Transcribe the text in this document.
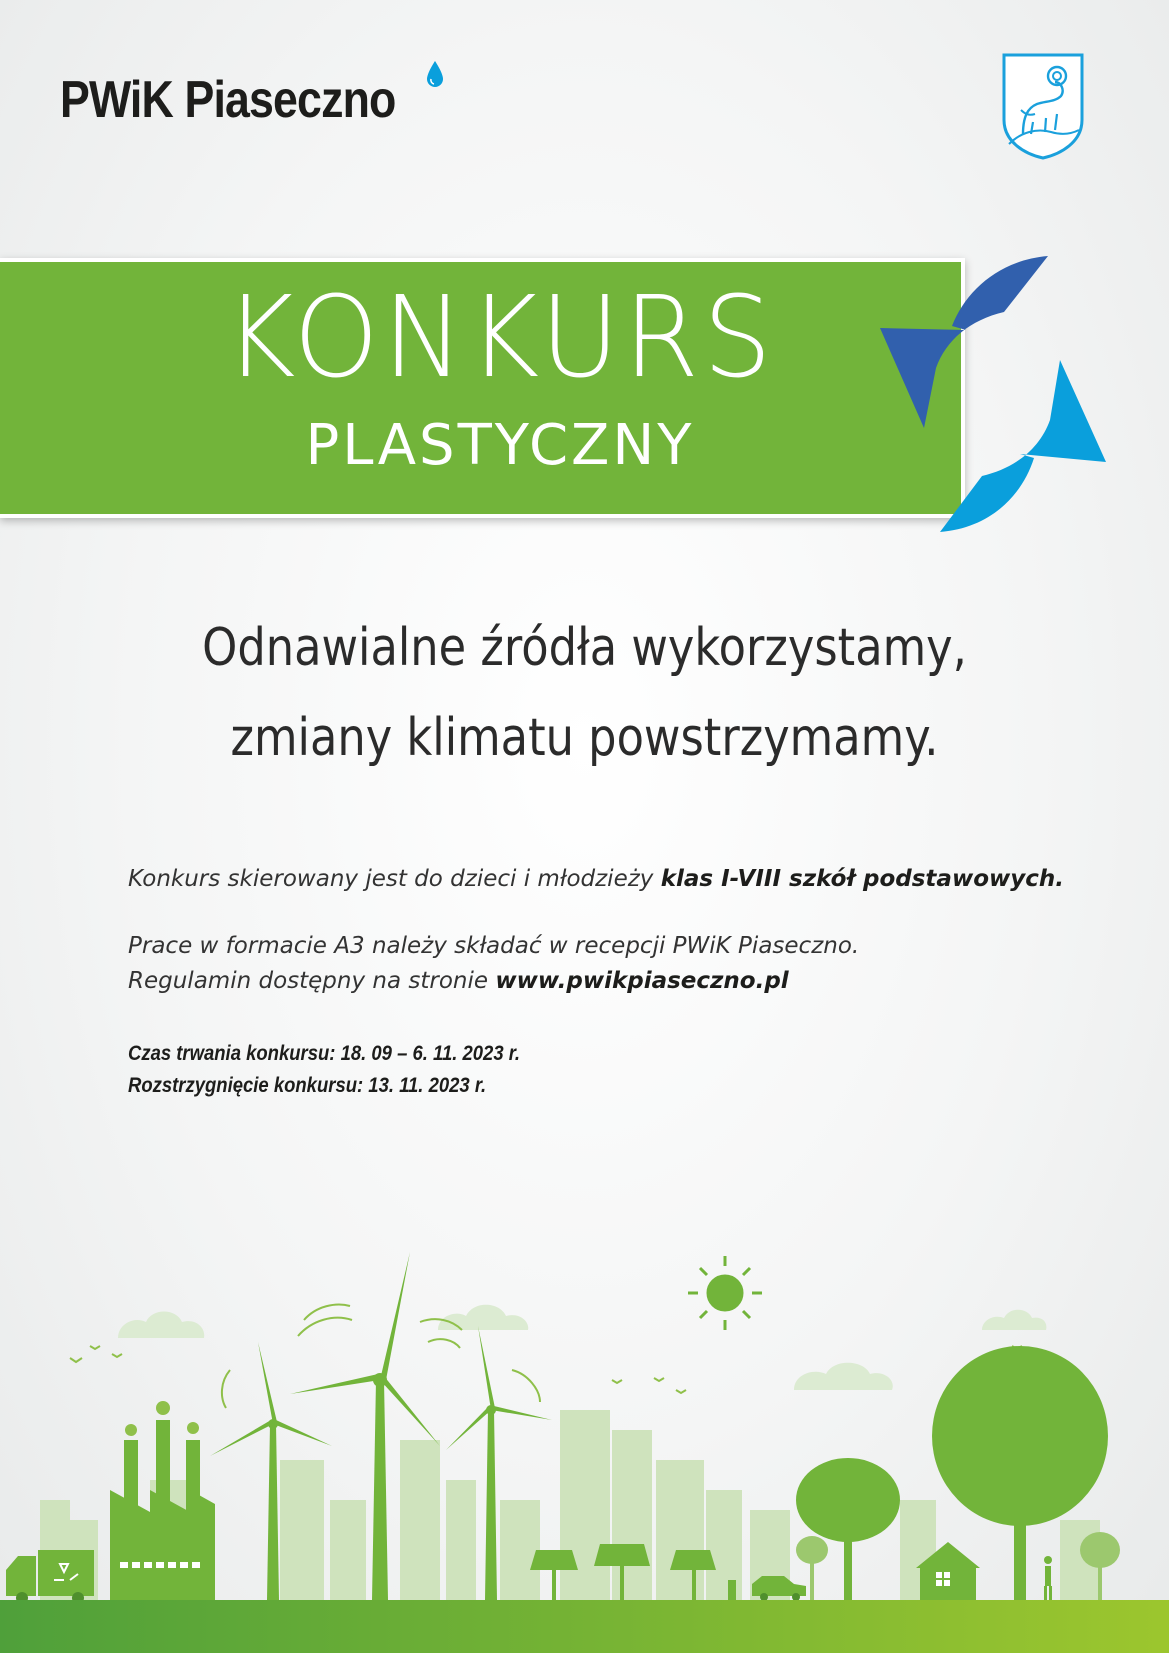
PWiK Piaseczno
KONKURS
PLASTYCZNY
Odnawialne źródła wykorzystamy,
zmiany klimatu powstrzymamy.
Konkurs skierowany jest do dzieci i młodzieży klas I-VIII szkół podstawowych.
Prace w formacie A3 należy składać w recepcji PWiK Piaseczno.
Regulamin dostępny na stronie www.pwikpiaseczno.pl
Czas trwania konkursu: 18. 09 – 6. 11. 2023 r.
Rozstrzygnięcie konkursu: 13. 11. 2023 r.
